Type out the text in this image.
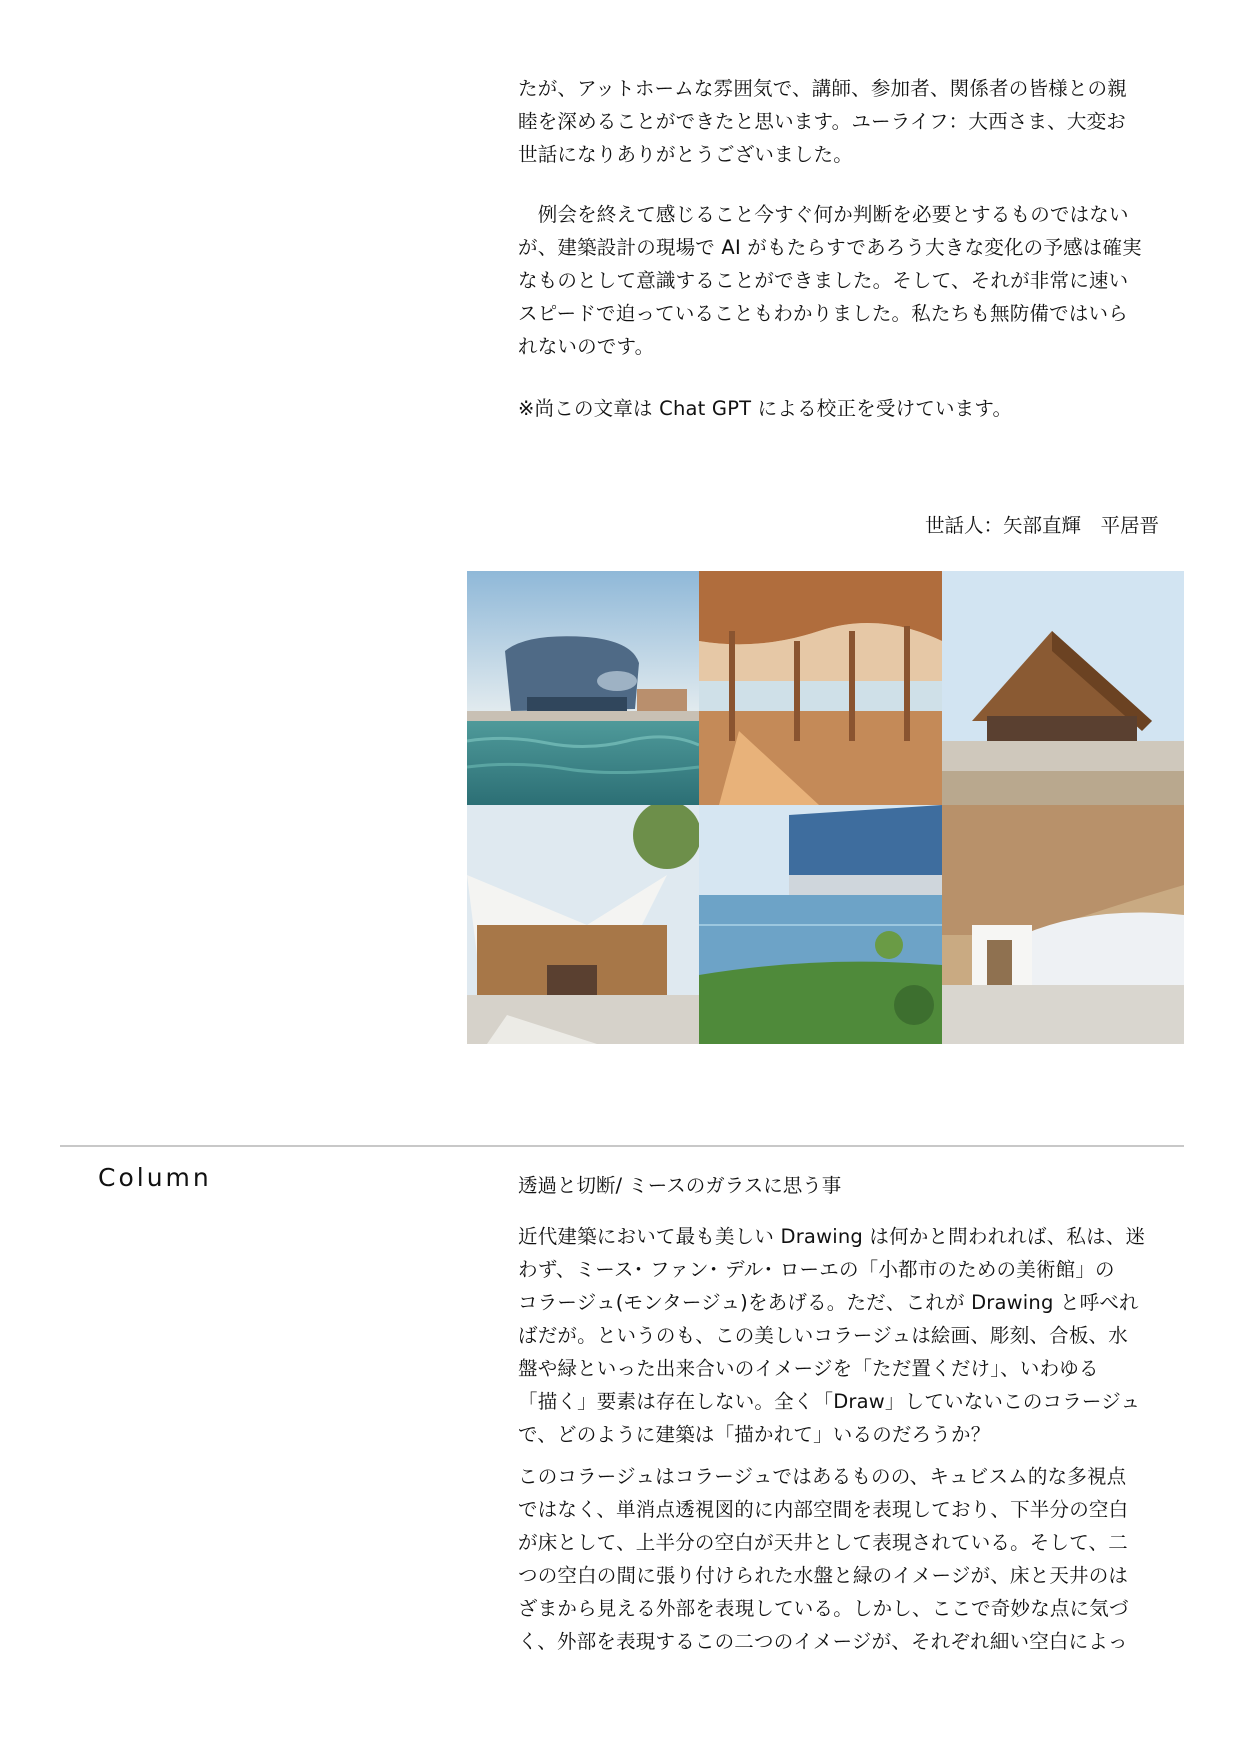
たが、アットホームな雰囲気で、講師、参加者、関係者の皆様との親
睦を深めることができたと思います。ユーライフ：大西さま、大変お
世話になりありがとうございました。
　例会を終えて感じること今すぐ何か判断を必要とするものではない
が、建築設計の現場で AI がもたらすであろう大きな変化の予感は確実
なものとして意識することができました。そして、それが非常に速い
スピードで迫っていることもわかりました。私たちも無防備ではいら
れないのです。
※尚この文章は Chat GPT による校正を受けています。
世話人：矢部直輝　平居晋
Column	透過と切断/ ミースのガラスに思う事
近代建築において最も美しい Drawing は何かと問われれば、私は、迷
わず、ミース･ ファン･ デル･ ローエの「小都市のための美術館」の
コラージュ(モンタージュ)をあげる。ただ、これが Drawing と呼べれ
ばだが。というのも、この美しいコラージュは絵画、彫刻、合板、水
盤や緑といった出来合いのイメージを「ただ置くだけ」、いわゆる
「描く」要素は存在しない。全く「Draw」していないこのコラージュ
で、どのように建築は「描かれて」いるのだろうか？
このコラージュはコラージュではあるものの、キュビスム的な多視点
ではなく、単消点透視図的に内部空間を表現しており、下半分の空白
が床として、上半分の空白が天井として表現されている。そして、二
つの空白の間に張り付けられた水盤と緑のイメージが、床と天井のは
ざまから見える外部を表現している。しかし、ここで奇妙な点に気づ
く、外部を表現するこの二つのイメージが、それぞれ細い空白によっ
